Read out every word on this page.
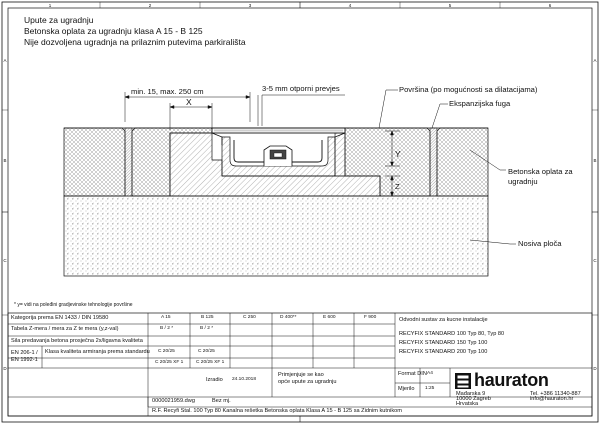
1	2	3	4	5	6
A
B
C
D
A
B
C
D
Upute za ugradnju
Betonska oplata za ugradnju klasa A 15 - B 125
Nije dozvoljena ugradnja na prilaznim putevima parkirališta
min. 15, max. 250 cm
X
3-5 mm otporni prevjes
Y
Z
Površina (po mogućnosti sa dilatacijama)
Ekspanzijska fuga
Betonska oplata za
ugradnju
Nosiva ploča
* y= vidi na poleđini gradjevinske tehnologije površine
Kategorija prema EN 1433 / DIN 19580	A 15	B 125	C 250	D 400**	E 600	F 900
Tabela Z-mera / mera za Z te mera (y,z-val)	B / 2 *	B / 2 *
Sila predavanja betona prosječna 2x/ligavna kvaliteta
EN 206-1 / EN 1992-1
Klasa kvaliteta armiranja prema standardu C 20/25	C 20/25
C 20/25 XF 1	C 20/25 XF 1
Odvodni sustav za kucne instalacije
RECYFIX STANDARD 100 Typ 80, Typ 80
RECYFIX STANDARD 150 Typ 100
RECYFIX STANDARD 200 Typ 100
Izradio 24.10.2018
Primjenjuje se kao
opće upute za ugradnju
Format DIN A4
Mjerilo 1:25 hauraton
Mađarska 9
10000 Zagreb
Hrvatska
Tel. +386 11340-887
info@hauraton.hr
0000021959.dwg	Bez mj.
R.F. Recyfi Stal. 100 Typ 80 Kanalna rešetka Betonska oplata Klasa A 15 - B 125 sa Zidnim kutnikom
